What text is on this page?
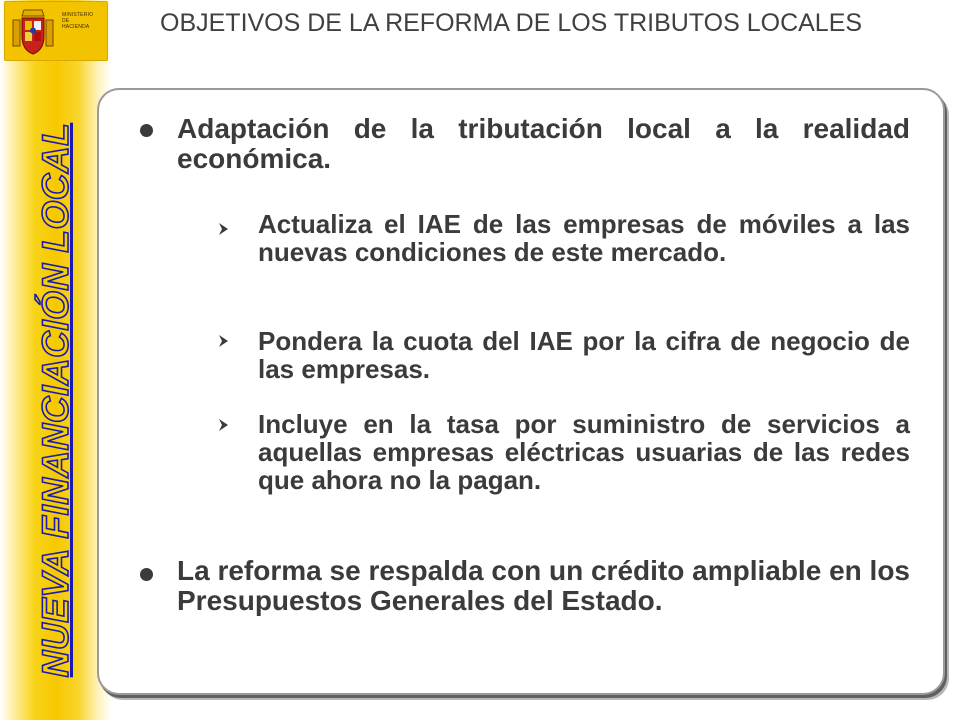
MINISTERIO
DE
HACIENDA
NUEVA FINANCIACIÓN LOCAL
OBJETIVOS DE LA REFORMA DE LOS TRIBUTOS LOCALES
Adaptación de la tributación local a la realidad económica.
Actualiza el IAE de las empresas de móviles a las nuevas condiciones de este mercado.
Pondera la cuota del IAE por la cifra de negocio de las empresas.
Incluye en la tasa por suministro de servicios a aquellas empresas eléctricas usuarias de las redes que ahora no la pagan.
La reforma se respalda con un crédito ampliable en los Presupuestos Generales del Estado.
